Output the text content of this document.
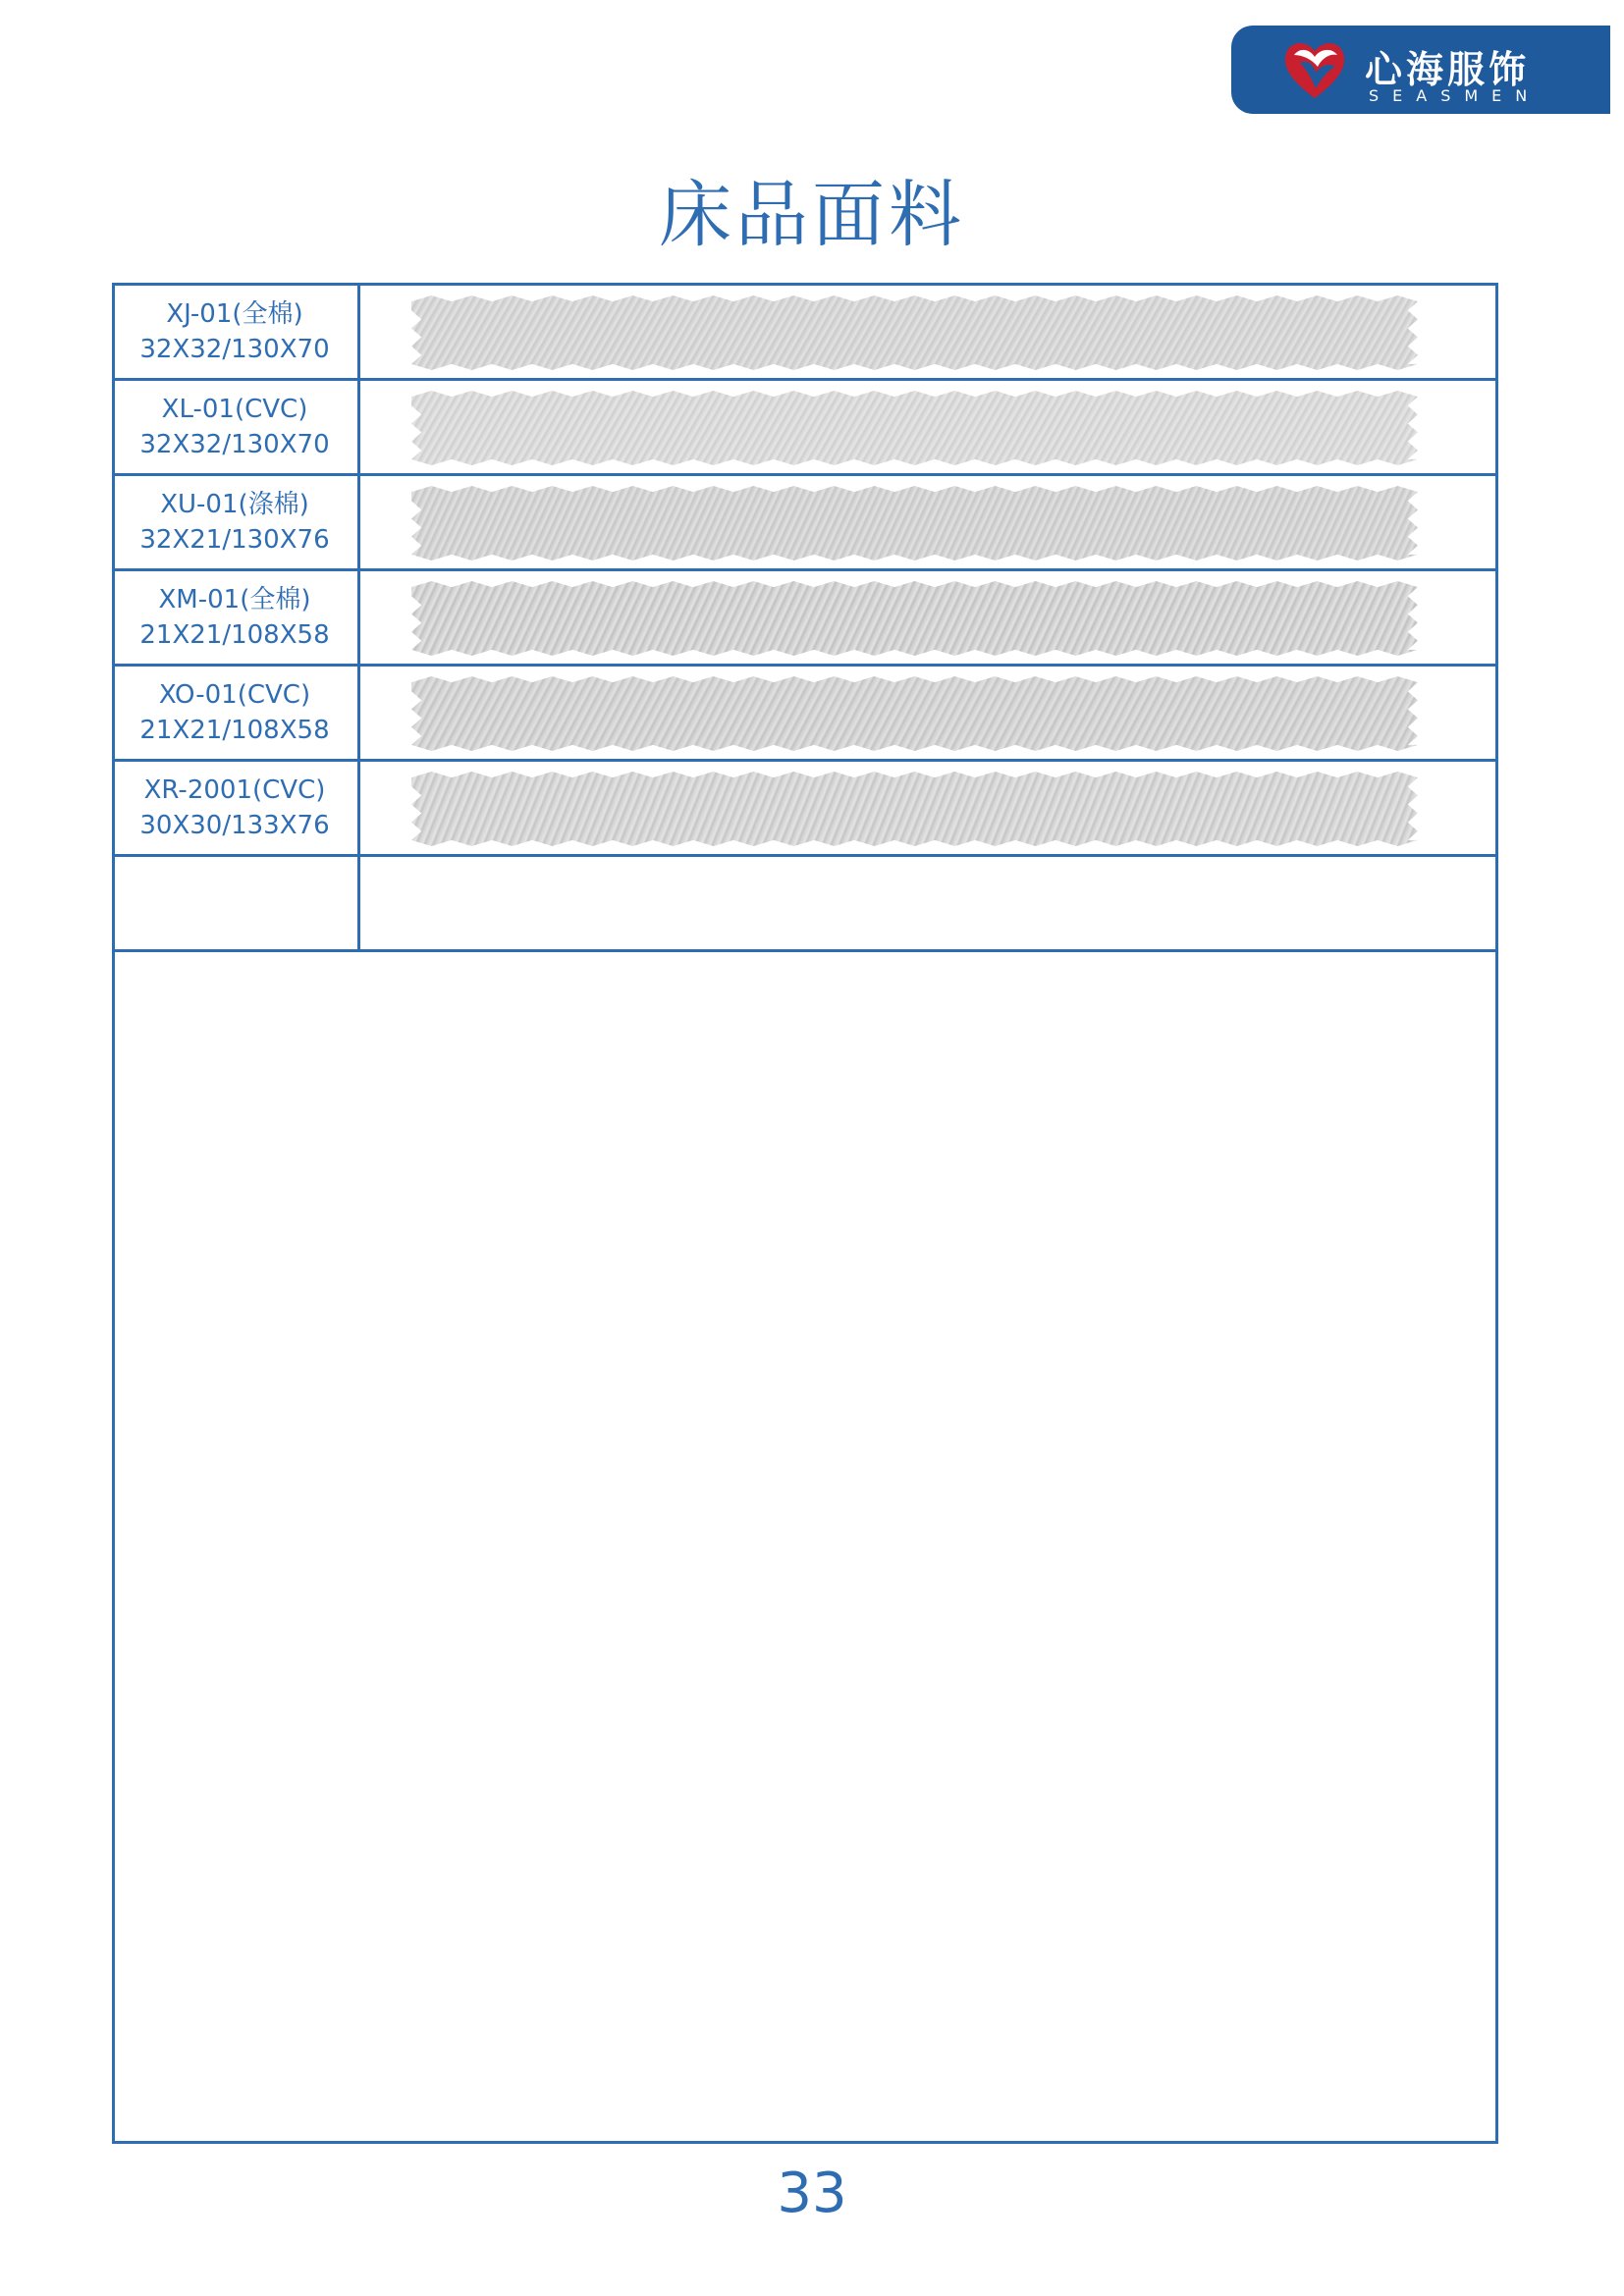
心海服饰
SEASMEN
床品面料
XJ-01(全棉)
32X32/130X70
XL-01(CVC)
32X32/130X70
XU-01(涤棉)
32X21/130X76
XM-01(全棉)
21X21/108X58
XO-01(CVC)
21X21/108X58
XR-2001(CVC)
30X30/133X76
33
